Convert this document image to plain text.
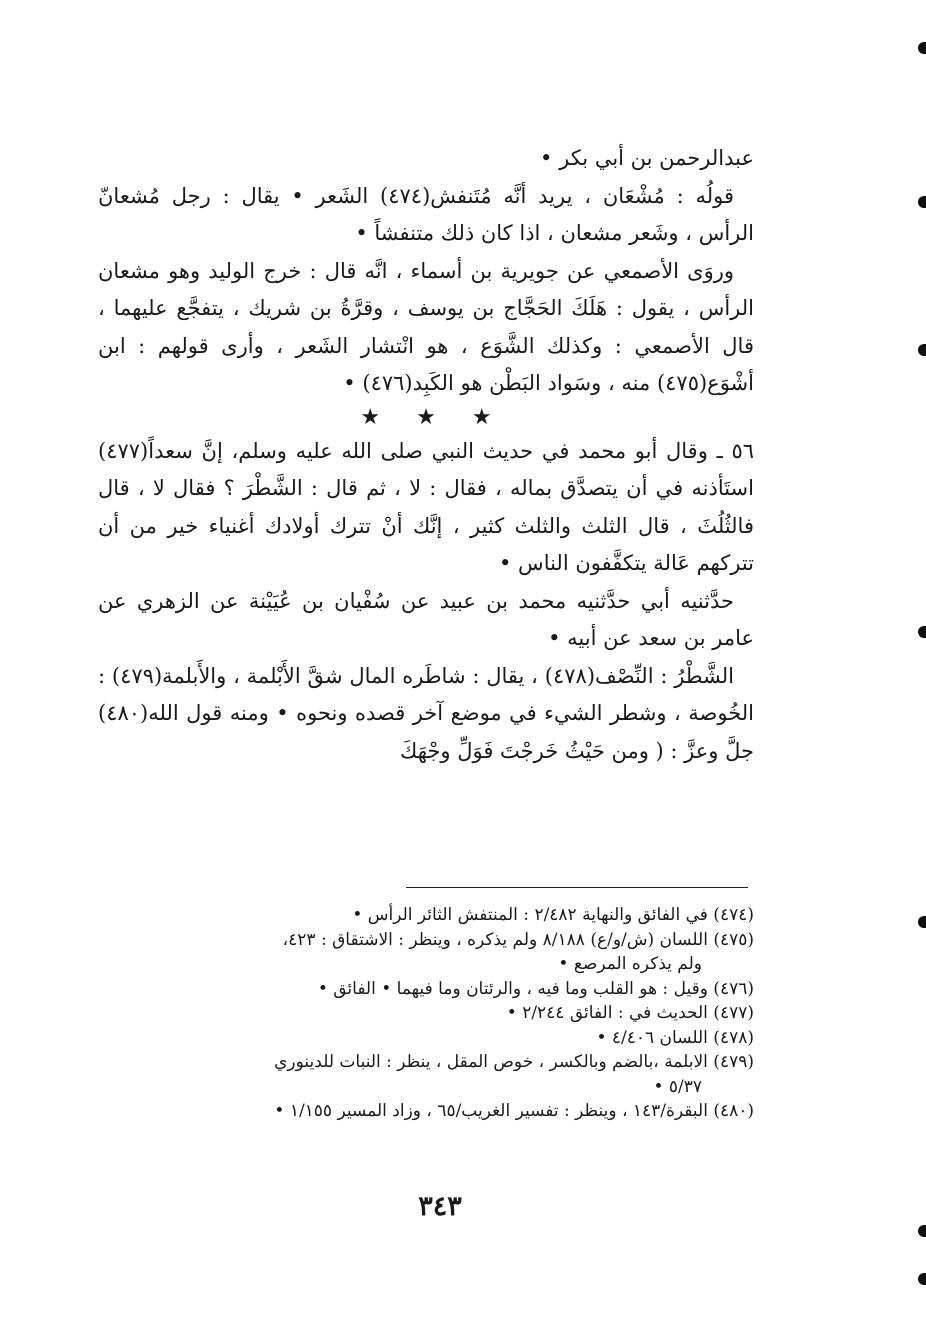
عبدالرحمن بن أبي بكر •

قولُه : مُشْعَان ، يريد أنَّه مُتَنفش(٤٧٤) الشَعر • يقال : رجل مُشعانّ الرأس ، وشَعر مشعان ، اذا كان ذلك متنفشاً •

وروَى الأصمعي عن جويرية بن أسماء ، انَّه قال : خرج الوليد وهو مشعان الرأس ، يقول : هَلَكَ الحَجَّاج بن يوسف ، وقرَّةُ بن شريك ، يتفجَّع عليهما ، قال الأصمعي : وكذلك الشَّوَع ، هو انْتشار الشَعر ، وأرى قولهم : ابن أشْوَع(٤٧٥) منه ، وسَواد البَطْن هو الكَبِد(٤٧٦) •

★★★

٥٦ ـ وقال أبو محمد في حديث النبي صلى الله عليه وسلم، إنَّ سعداً(٤٧٧) استَأذنه في أن يتصدَّق بماله ، فقال : لا ، ثم قال : الشَّطْرَ ؟ فقال لا ، قال فالثُلُثَ ، قال الثلث والثلث كثير ، إنَّك أنْ تترك أولادك أغنياء خير من أن تتركهم عَالة يتكفَّفون الناس •

حدَّثنيه أبي حدَّثنيه محمد بن عبيد عن سُفْيان بن عُيَيْنة عن الزهري عن عامر بن سعد عن أبيه •

الشَّطْرُ : النِّصْف(٤٧٨) ، يقال : شاطَره المال شقَّ الأَبْلمة ، والأَبلمة(٤٧٩) : الخُوصة ، وشطر الشيء في موضع آخر قصده ونحوه • ومنه قول الله(٤٨٠) جلَّ وعزَّ : ( ومن حَيْثُ خَرجْتَ فَوَلِّ وجْهَكَ

(٤٧٤) في الفائق والنهاية ٢/٤٨٢ : المنتفش الثائر الرأس •

(٤٧٥) اللسان (ش/و/ع) ٨/١٨٨ ولم يذكره ، وينظر : الاشتقاق : ٤٢٣،

ولم يذكره المرصع •

(٤٧٦) وقيل : هو القلب وما فيه ، والرئتان وما فيهما • الفائق •

(٤٧٧) الحديث في : الفائق ٢/٢٤٤ •

(٤٧٨) اللسان ٤/٤٠٦ •

(٤٧٩) الابلمة ،بالضم وبالكسر ، خوص المقل ، ينظر : النبات للدينوري

٥/٣٧ •

(٤٨٠) البقرة/١٤٣ ، وينظر : تفسير الغريب/٦٥ ، وزاد المسير ١/١٥٥ •

٣٤٣
